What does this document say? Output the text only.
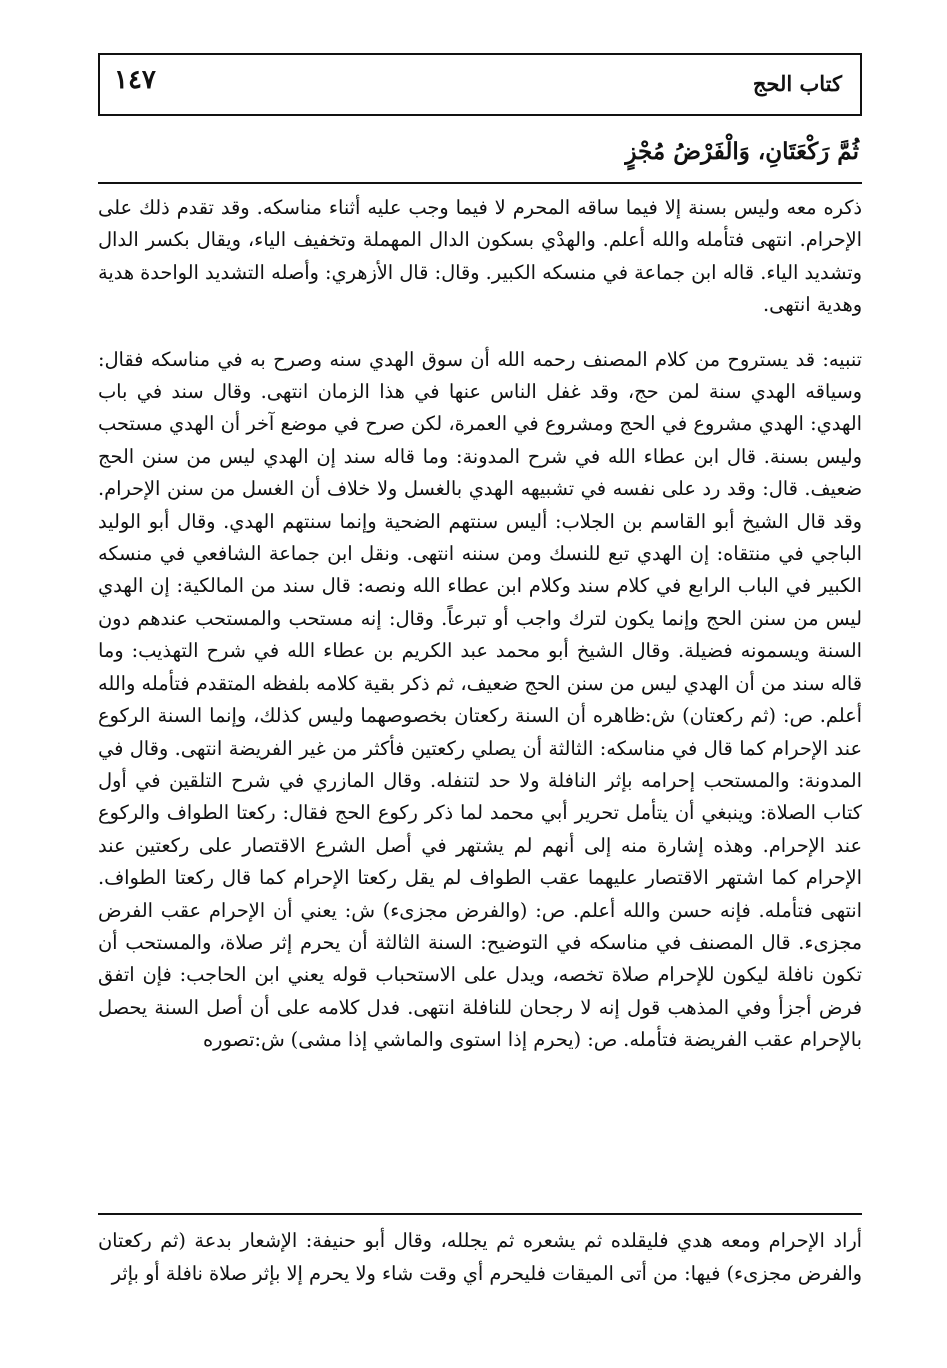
١٤٧	كتاب الحج
ثُمَّ رَكْعَتَانِ، وَالْفَرْضُ مُجْزٍ

ذكره معه وليس بسنة إلا فيما ساقه المحرم لا فيما وجب عليه أثناء مناسكه. وقد تقدم ذلك على الإحرام. انتهى فتأمله والله أعلم. والهدْي بسكون الدال المهملة وتخفيف الياء، ويقال بكسر الدال وتشديد الياء. قاله ابن جماعة في منسكه الكبير. وقال: قال الأزهري: وأصله التشديد الواحدة هدية وهدية انتهى.

تنبيه: قد يستروح من كلام المصنف رحمه الله أن سوق الهدي سنه وصرح به في مناسكه فقال: وسياقه الهدي سنة لمن حج، وقد غفل الناس عنها في هذا الزمان انتهى. وقال سند في باب الهدي: الهدي مشروع في الحج ومشروع في العمرة، لكن صرح في موضع آخر أن الهدي مستحب وليس بسنة. قال ابن عطاء الله في شرح المدونة: وما قاله سند إن الهدي ليس من سنن الحج ضعيف. قال: وقد رد على نفسه في تشبيهه الهدي بالغسل ولا خلاف أن الغسل من سنن الإحرام. وقد قال الشيخ أبو القاسم بن الجلاب: أليس سنتهم الضحية وإنما سنتهم الهدي. وقال أبو الوليد الباجي في منتقاه: إن الهدي تبع للنسك ومن سننه انتهى. ونقل ابن جماعة الشافعي في منسكه الكبير في الباب الرابع في كلام سند وكلام ابن عطاء الله ونصه: قال سند من المالكية: إن الهدي ليس من سنن الحج وإنما يكون لترك واجب أو تبرعاً. وقال: إنه مستحب والمستحب عندهم دون السنة ويسمونه فضيلة. وقال الشيخ أبو محمد عبد الكريم بن عطاء الله في شرح التهذيب: وما قاله سند من أن الهدي ليس من سنن الحج ضعيف، ثم ذكر بقية كلامه بلفظه المتقدم فتأمله والله أعلم. ص: (ثم ركعتان) ش:ظاهره أن السنة ركعتان بخصوصهما وليس كذلك، وإنما السنة الركوع عند الإحرام كما قال في مناسكه: الثالثة أن يصلي ركعتين فأكثر من غير الفريضة انتهى. وقال في المدونة: والمستحب إحرامه بإثر النافلة ولا حد لتنفله. وقال المازري في شرح التلقين في أول كتاب الصلاة: وينبغي أن يتأمل تحرير أبي محمد لما ذكر ركوع الحج فقال: ركعتا الطواف والركوع عند الإحرام. وهذه إشارة منه إلى أنهم لم يشتهر في أصل الشرع الاقتصار على ركعتين عند الإحرام كما اشتهر الاقتصار عليهما عقب الطواف لم يقل ركعتا الإحرام كما قال ركعتا الطواف. انتهى فتأمله. فإنه حسن والله أعلم. ص: (والفرض مجزىء) ش: يعني أن الإحرام عقب الفرض مجزىء. قال المصنف في مناسكه في التوضيح: السنة الثالثة أن يحرم إثر صلاة، والمستحب أن تكون نافلة ليكون للإحرام صلاة تخصه، ويدل على الاستحباب قوله يعني ابن الحاجب: فإن اتفق فرض أجزأ وفي المذهب قول إنه لا رجحان للنافلة انتهى. فدل كلامه على أن أصل السنة يحصل بالإحرام عقب الفريضة فتأمله. ص: (يحرم إذا استوى والماشي إذا مشى) ش:تصوره

أراد الإحرام ومعه هدي فليقلده ثم يشعره ثم يجلله، وقال أبو حنيفة: الإشعار بدعة (ثم ركعتان والفرض مجزىء) فيها: من أتى الميقات فليحرم أي وقت شاء ولا يحرم إلا بإثر صلاة نافلة أو بإثر
